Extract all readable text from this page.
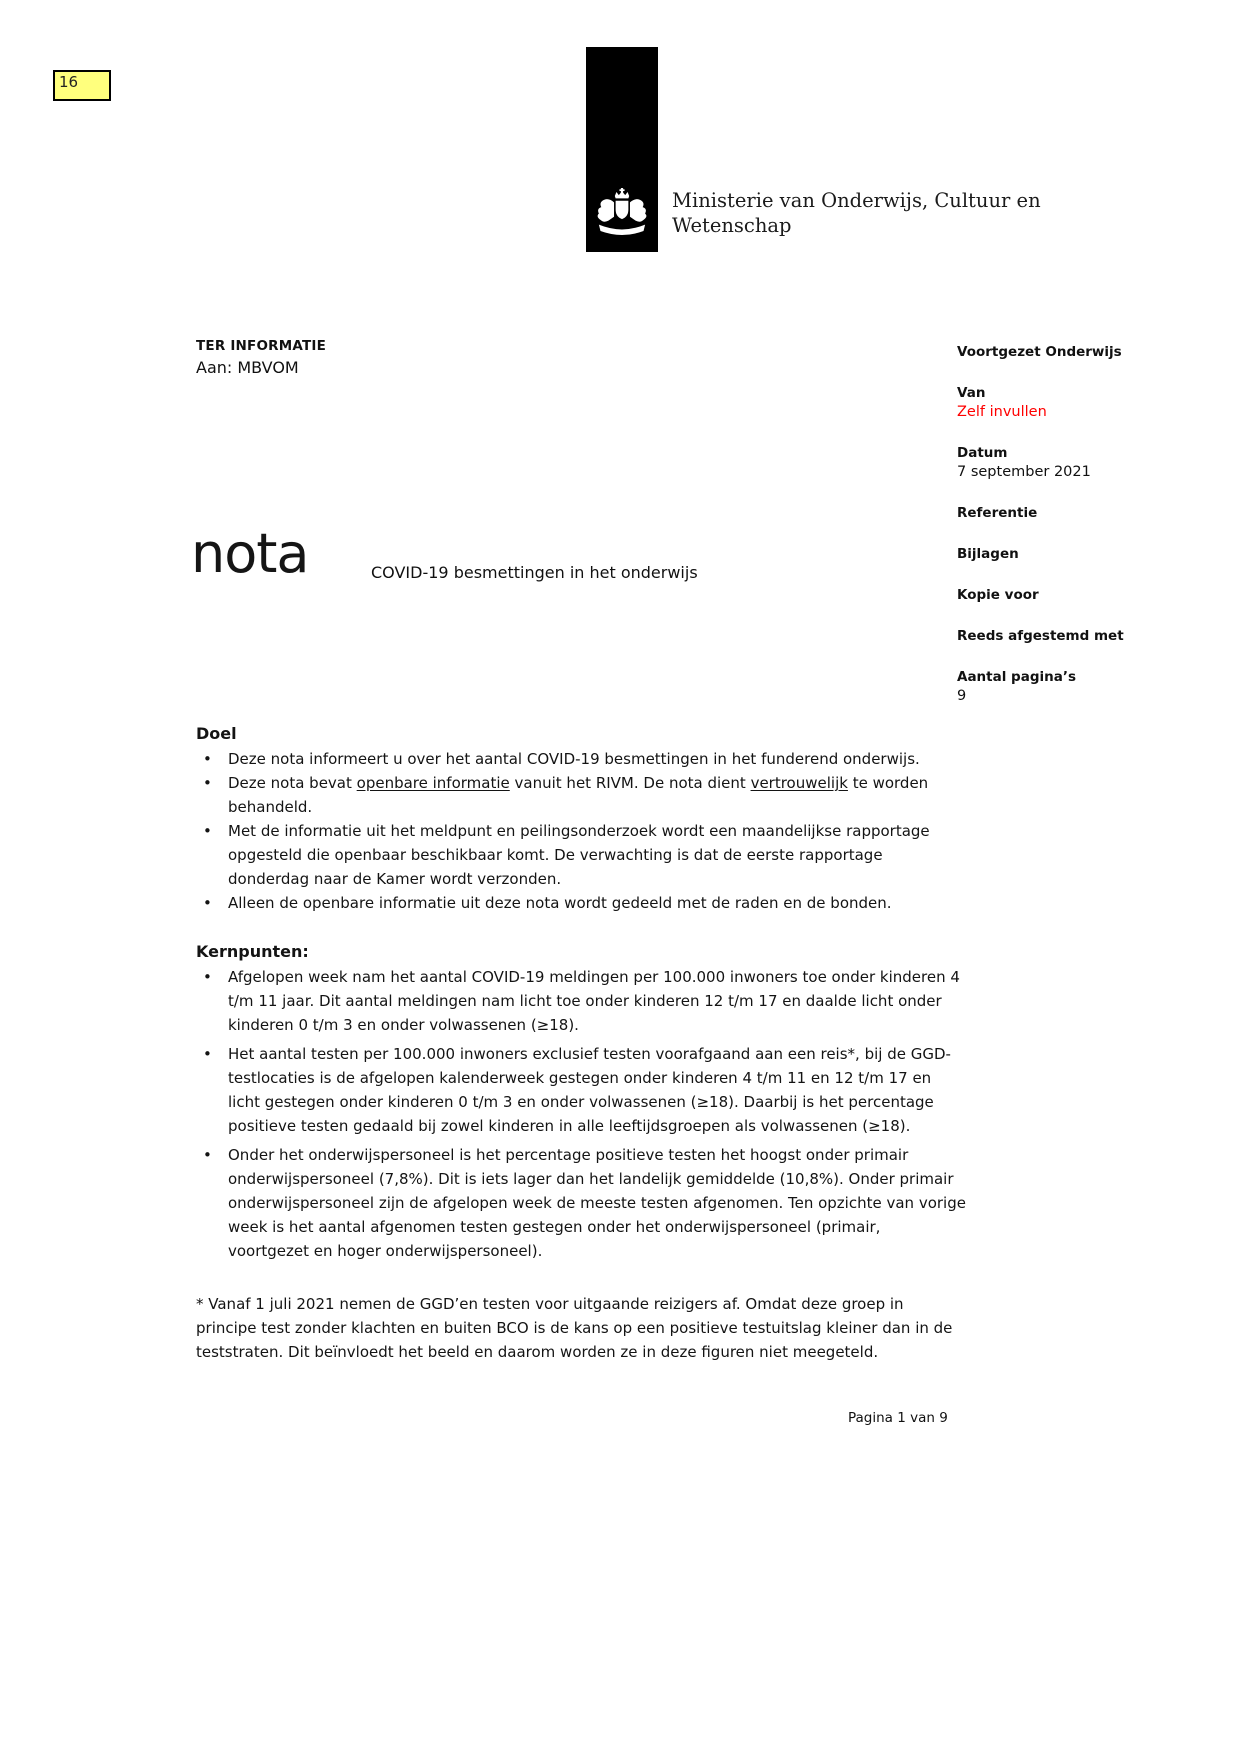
16
Ministerie van Onderwijs, Cultuur en
Wetenschap
TER INFORMATIE
Aan: MBVOM
Voortgezet Onderwijs
Van
Zelf invullen
Datum
7 september 2021
Referentie
Bijlagen
Kopie voor
Reeds afgestemd met
Aantal pagina’s
9
nota	COVID-19 besmettingen in het onderwijs
Doel
• Deze nota informeert u over het aantal COVID-19 besmettingen in het funderend onderwijs.
• Deze nota bevat openbare informatie vanuit het RIVM. De nota dient vertrouwelijk te worden behandeld.
• Met de informatie uit het meldpunt en peilingsonderzoek wordt een maandelijkse rapportage opgesteld die openbaar beschikbaar komt. De verwachting is dat de eerste rapportage donderdag naar de Kamer wordt verzonden.
• Alleen de openbare informatie uit deze nota wordt gedeeld met de raden en de bonden.
Kernpunten:
• Afgelopen week nam het aantal COVID-19 meldingen per 100.000 inwoners toe onder kinderen 4 t/m 11 jaar. Dit aantal meldingen nam licht toe onder kinderen 12 t/m 17 en daalde licht onder kinderen 0 t/m 3 en onder volwassenen (≥18).
• Het aantal testen per 100.000 inwoners exclusief testen voorafgaand aan een reis*, bij de GGD-testlocaties is de afgelopen kalenderweek gestegen onder kinderen 4 t/m 11 en 12 t/m 17 en licht gestegen onder kinderen 0 t/m 3 en onder volwassenen (≥18). Daarbij is het percentage positieve testen gedaald bij zowel kinderen in alle leeftijdsgroepen als volwassenen (≥18).
• Onder het onderwijspersoneel is het percentage positieve testen het hoogst onder primair onderwijspersoneel (7,8%). Dit is iets lager dan het landelijk gemiddelde (10,8%). Onder primair onderwijspersoneel zijn de afgelopen week de meeste testen afgenomen. Ten opzichte van vorige week is het aantal afgenomen testen gestegen onder het onderwijspersoneel (primair, voortgezet en hoger onderwijspersoneel).
* Vanaf 1 juli 2021 nemen de GGD’en testen voor uitgaande reizigers af. Omdat deze groep in principe test zonder klachten en buiten BCO is de kans op een positieve testuitslag kleiner dan in de teststraten. Dit beïnvloedt het beeld en daarom worden ze in deze figuren niet meegeteld.
Pagina 1 van 9
